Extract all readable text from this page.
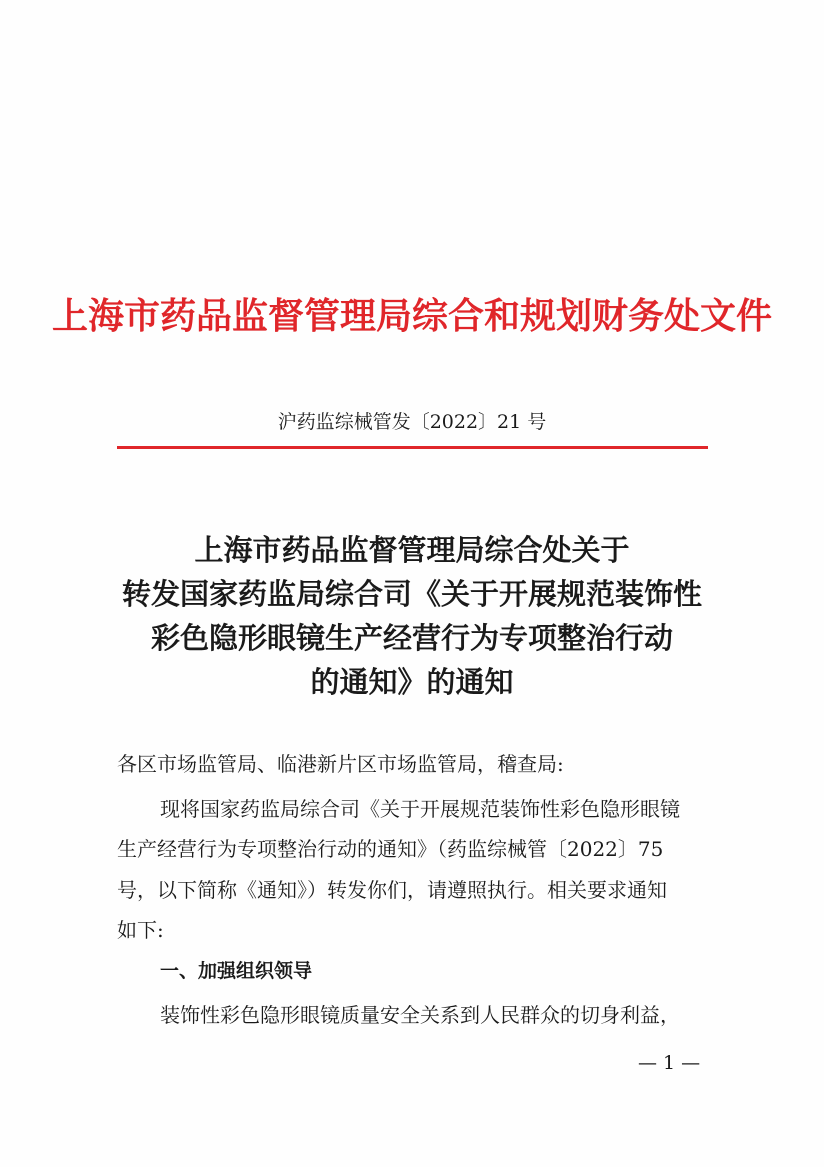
上海市药品监督管理局综合和规划财务处文件
沪药监综械管发〔2022〕21 号
上海市药品监督管理局综合处关于
转发国家药监局综合司《关于开展规范装饰性
彩色隐形眼镜生产经营行为专项整治行动
的通知》的通知
各区市场监管局、临港新片区市场监管局，稽查局:
现将国家药监局综合司《关于开展规范装饰性彩色隐形眼镜
生产经营行为专项整治行动的通知》（药监综械管〔2022〕75
号，以下简称《通知》）转发你们，请遵照执行。相关要求通知
如下:
一、加强组织领导
装饰性彩色隐形眼镜质量安全关系到人民群众的切身利益，
— 1 —
